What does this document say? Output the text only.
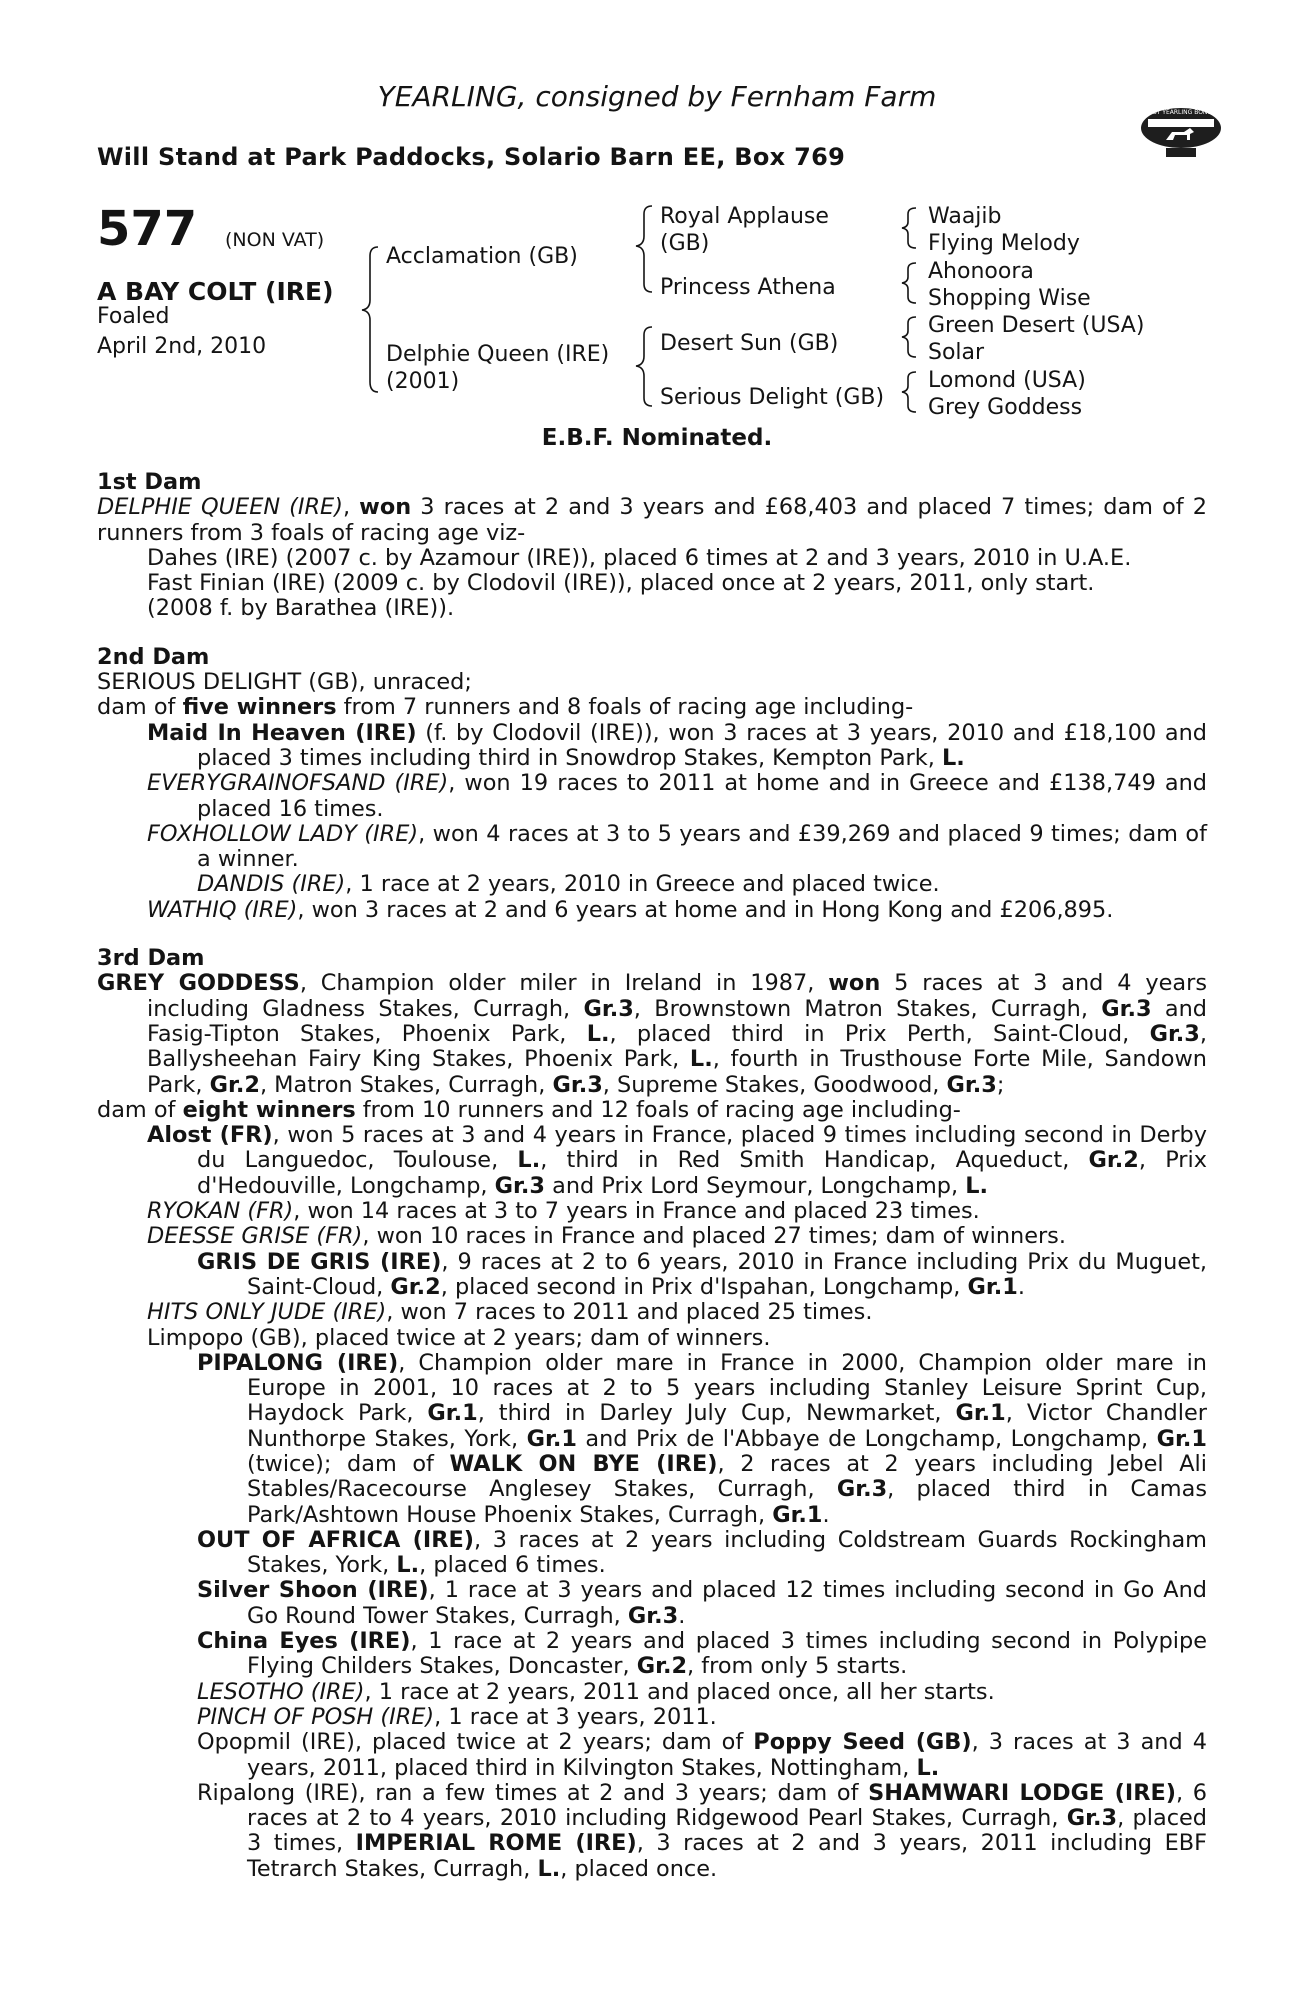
YEARLING, consigned by Fernham Farm
Will Stand at Park Paddocks, Solario Barn EE, Box 769
RACING POST YEARLING BONUS £10,000
577 (NON VAT)
A BAY COLT (IRE)
Foaled
April 2nd, 2010
Acclamation (GB)
Delphie Queen (IRE)
(2001)
Royal Applause
(GB)
Princess Athena
Desert Sun (GB)
Serious Delight (GB)
Waajib
Flying Melody
Ahonoora
Shopping Wise
Green Desert (USA)
Solar
Lomond (USA)
Grey Goddess
E.B.F. Nominated.
1st Dam
DELPHIE QUEEN (IRE), won 3 races at 2 and 3 years and £68,403 and placed 7 times; dam of 2 runners from 3 foals of racing age viz-
Dahes (IRE) (2007 c. by Azamour (IRE)), placed 6 times at 2 and 3 years, 2010 in U.A.E.
Fast Finian (IRE) (2009 c. by Clodovil (IRE)), placed once at 2 years, 2011, only start.
(2008 f. by Barathea (IRE)).
2nd Dam
SERIOUS DELIGHT (GB), unraced;
dam of five winners from 7 runners and 8 foals of racing age including-
Maid In Heaven (IRE) (f. by Clodovil (IRE)), won 3 races at 3 years, 2010 and £18,100 and placed 3 times including third in Snowdrop Stakes, Kempton Park, L.
EVERYGRAINOFSAND (IRE), won 19 races to 2011 at home and in Greece and £138,749 and placed 16 times.
FOXHOLLOW LADY (IRE), won 4 races at 3 to 5 years and £39,269 and placed 9 times; dam of a winner.
DANDIS (IRE), 1 race at 2 years, 2010 in Greece and placed twice.
WATHIQ (IRE), won 3 races at 2 and 6 years at home and in Hong Kong and £206,895.
3rd Dam
GREY GODDESS, Champion older miler in Ireland in 1987, won 5 races at 3 and 4 years including Gladness Stakes, Curragh, Gr.3, Brownstown Matron Stakes, Curragh, Gr.3 and Fasig-Tipton Stakes, Phoenix Park, L., placed third in Prix Perth, Saint-Cloud, Gr.3, Ballysheehan Fairy King Stakes, Phoenix Park, L., fourth in Trusthouse Forte Mile, Sandown Park, Gr.2, Matron Stakes, Curragh, Gr.3, Supreme Stakes, Goodwood, Gr.3;
dam of eight winners from 10 runners and 12 foals of racing age including-
Alost (FR), won 5 races at 3 and 4 years in France, placed 9 times including second in Derby du Languedoc, Toulouse, L., third in Red Smith Handicap, Aqueduct, Gr.2, Prix d'Hedouville, Longchamp, Gr.3 and Prix Lord Seymour, Longchamp, L.
RYOKAN (FR), won 14 races at 3 to 7 years in France and placed 23 times.
DEESSE GRISE (FR), won 10 races in France and placed 27 times; dam of winners.
GRIS DE GRIS (IRE), 9 races at 2 to 6 years, 2010 in France including Prix du Muguet, Saint-Cloud, Gr.2, placed second in Prix d'Ispahan, Longchamp, Gr.1.
HITS ONLY JUDE (IRE), won 7 races to 2011 and placed 25 times.
Limpopo (GB), placed twice at 2 years; dam of winners.
PIPALONG (IRE), Champion older mare in France in 2000, Champion older mare in Europe in 2001, 10 races at 2 to 5 years including Stanley Leisure Sprint Cup, Haydock Park, Gr.1, third in Darley July Cup, Newmarket, Gr.1, Victor Chandler Nunthorpe Stakes, York, Gr.1 and Prix de l'Abbaye de Longchamp, Longchamp, Gr.1 (twice); dam of WALK ON BYE (IRE), 2 races at 2 years including Jebel Ali Stables/Racecourse Anglesey Stakes, Curragh, Gr.3, placed third in Camas Park/Ashtown House Phoenix Stakes, Curragh, Gr.1.
OUT OF AFRICA (IRE), 3 races at 2 years including Coldstream Guards Rockingham Stakes, York, L., placed 6 times.
Silver Shoon (IRE), 1 race at 3 years and placed 12 times including second in Go And Go Round Tower Stakes, Curragh, Gr.3.
China Eyes (IRE), 1 race at 2 years and placed 3 times including second in Polypipe Flying Childers Stakes, Doncaster, Gr.2, from only 5 starts.
LESOTHO (IRE), 1 race at 2 years, 2011 and placed once, all her starts.
PINCH OF POSH (IRE), 1 race at 3 years, 2011.
Opopmil (IRE), placed twice at 2 years; dam of Poppy Seed (GB), 3 races at 3 and 4 years, 2011, placed third in Kilvington Stakes, Nottingham, L.
Ripalong (IRE), ran a few times at 2 and 3 years; dam of SHAMWARI LODGE (IRE), 6 races at 2 to 4 years, 2010 including Ridgewood Pearl Stakes, Curragh, Gr.3, placed 3 times, IMPERIAL ROME (IRE), 3 races at 2 and 3 years, 2011 including EBF Tetrarch Stakes, Curragh, L., placed once.
